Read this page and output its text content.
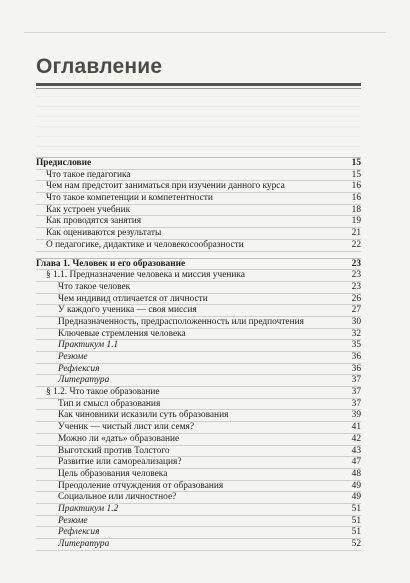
Оглавление
Предисловие	15
Что такое педагогика	15
Чем нам предстоит заниматься при изучении данного курса	16
Что такое компетенции и компетентности	16
Как устроен учебник	18
Как проводятся занятия	19
Как оцениваются результаты	21
О педагогике, дидактике и человекосообразности	22
Глава 1. Человек и его образование	23
§ 1.1. Предназначение человека и миссия ученика	23
Что такое человек	23
Чем индивид отличается от личности	26
У каждого ученика — своя миссия	27
Предназначенность, предрасположенность или предпочтения	30
Ключевые стремления человека	32
Практикум 1.1	35
Резюме	36
Рефлексия	36
Литература	37
§ 1.2. Что такое образование	37
Тип и смысл образования	37
Как чиновники исказили суть образования	39
Ученик — чистый лист или семя?	41
Можно ли «дать» образование	42
Выготский против Толстого	43
Развитие или самореализация?	47
Цель образования человека	48
Преодоление отчуждения от образования	49
Социальное или личностное?	49
Практикум 1.2	51
Резюме	51
Рефлексия	51
Литература	52
